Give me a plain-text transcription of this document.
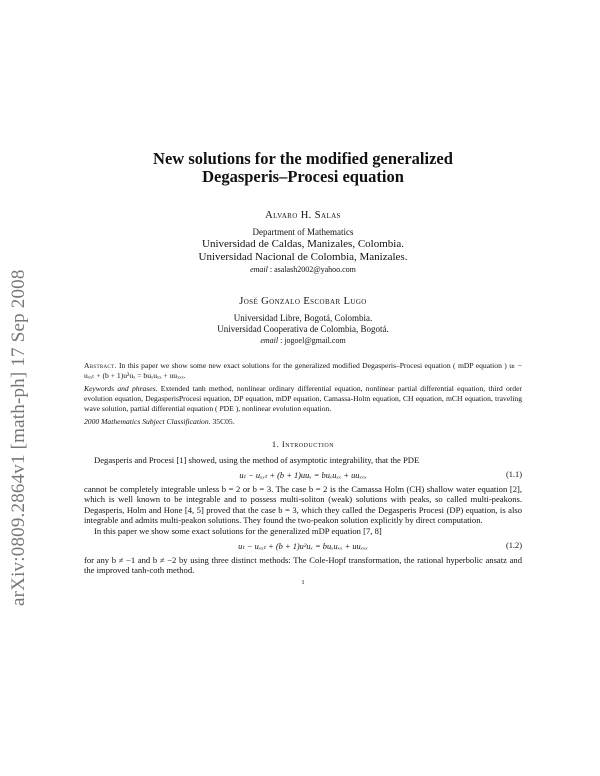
arXiv:0809.2864v1 [math-ph] 17 Sep 2008
New solutions for the modified generalized
Degasperis–Procesi equation
Alvaro H. Salas
Department of Mathematics
Universidad de Caldas, Manizales, Colombia.
Universidad Nacional de Colombia, Manizales.
email : asalash2002@yahoo.com
José Gonzalo Escobar Lugo
Universidad Libre, Bogotá, Colombia.
Universidad Cooperativa de Colombia, Bogotá.
email : jogoel@gmail.com

Abstract. In this paper we show some new exact solutions for the generalized modified Degasperis–Procesi equation ( mDP equation ) uₜ − uₓₓₜ + (b + 1)u²uₓ = buₓuₓₓ + uuₓₓₓ.

Keywords and phrases. Extended tanh method, nonlinear ordinary differential equation, nonlinear partial differential equation, third order evolution equation, DegasperisProcesi equation, DP equation, mDP equation, Camassa-Holm equation, CH equation, mCH equation, traveling wave solution, partial differential equation ( PDE ), nonlinear evolution equation.

2000 Mathematics Subject Classification. 35C05.

1. Introduction

Degasperis and Procesi [1] showed, using the method of asymptotic integrability, that the PDE

uₜ − uₓₓₜ + (b + 1)uuₓ = buₓuₓₓ + uuₓₓₓ	(1.1)

cannot be completely integrable unless b = 2 or b = 3. The case b = 2 is the Camassa Holm (CH) shallow water equation [2], which is well known to be integrable and to possess multi-soliton (weak) solutions with peaks, so called multi-peakons. Degasperis, Holm and Hone [4, 5] proved that the case b = 3, which they called the Degasperis Procesi (DP) equation, is also integrable and admits multi-peakon solutions. They found the two-peakon solution explicitly by direct computation.

In this paper we show some exact solutions for the generalized mDP equation [7, 8]

uₜ − uₓₓₜ + (b + 1)u²uₓ = buₓuₓₓ + uuₓₓₓ	(1.2)

for any b ≠ −1 and b ≠ −2 by using three distinct methods: The Cole-Hopf transformation, the rational hyperbolic ansatz and the improved tanh-coth method.

1
